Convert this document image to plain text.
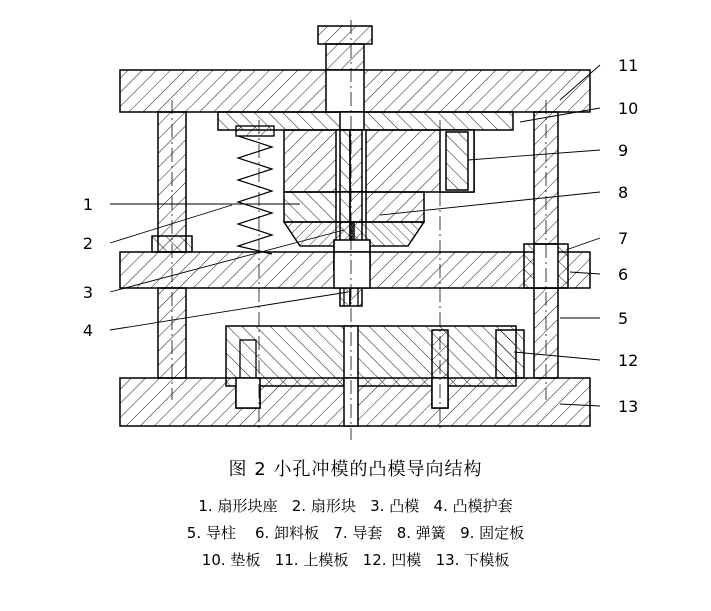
1
2
3
4
11
10
9
8
7
6
5
12
13
图 2 小孔冲模的凸模导向结构
1. 扇形块座   2. 扇形块   3. 凸模   4. 凸模护套
5. 导柱    6. 卸料板   7. 导套   8. 弹簧   9. 固定板
10. 垫板   11. 上模板   12. 凹模   13. 下模板
